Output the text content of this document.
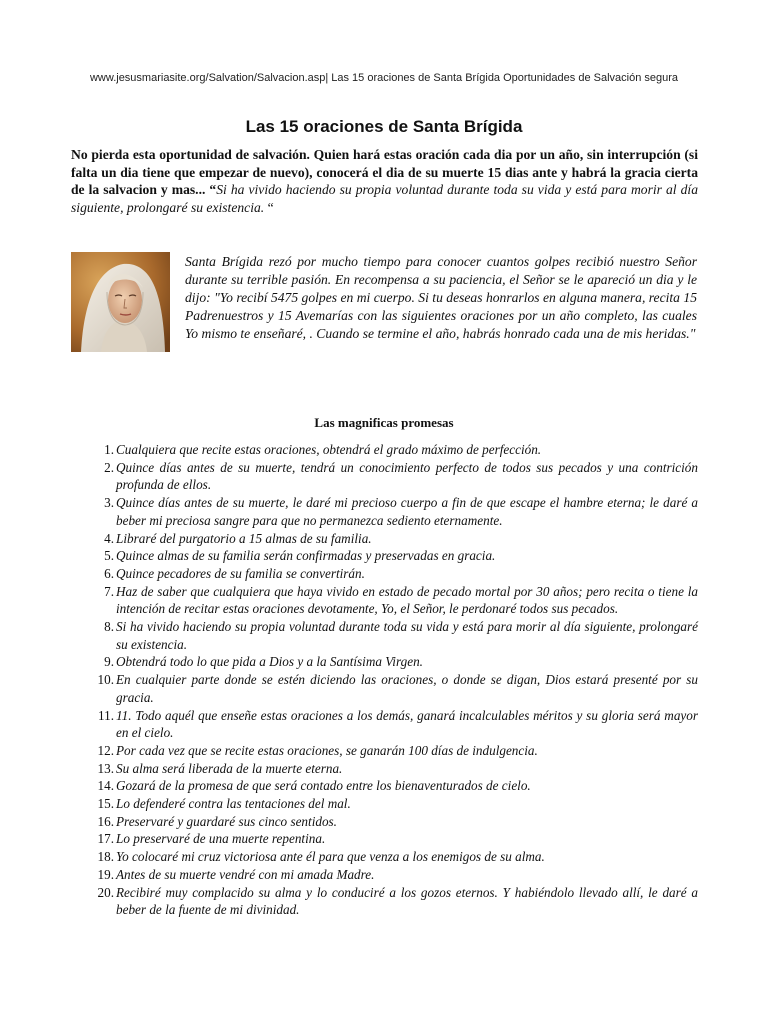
www.jesusmariasite.org/Salvation/Salvacion.asp| Las 15 oraciones de Santa Brígida Oportunidades de Salvación segura
Las 15 oraciones de Santa Brígida

No pierda esta oportunidad de salvación. Quien hará estas oración cada dia por un año, sin interrupción (si falta un dia tiene que empezar de nuevo), conocerá el dia de su muerte 15 dias ante y habrá la gracia cierta de la salvacion y mas... “Si ha vivido haciendo su propia voluntad durante toda su vida y está para morir al día siguiente, prolongaré su existencia. “

Santa Brígida rezó por mucho tiempo para conocer cuantos golpes recibió nuestro Señor durante su terrible pasión. En recompensa a su paciencia, el Señor se le apareció un dia y le dijo: "Yo recibí 5475 golpes en mi cuerpo. Si tu deseas honrarlos en alguna manera, recita 15 Padrenuestros y 15 Avemarías con las siguientes oraciones por un año completo, las cuales Yo mismo te enseñaré, . Cuando se termine el año, habrás honrado cada una de mis heridas."

Las magnificas promesas
1. Cualquiera que recite estas oraciones, obtendrá el grado máximo de perfección.
2. Quince días antes de su muerte, tendrá un conocimiento perfecto de todos sus pecados y una contrición profunda de ellos.
3. Quince días antes de su muerte, le daré mi precioso cuerpo a fin de que escape el hambre eterna; le daré a beber mi preciosa sangre para que no permanezca sediento eternamente.
4. Libraré del purgatorio a 15 almas de su familia.
5. Quince almas de su familia serán confirmadas y preservadas en gracia.
6. Quince pecadores de su familia se convertirán.
7. Haz de saber que cualquiera que haya vivido en estado de pecado mortal por 30 años; pero recita o tiene la intención de recitar estas oraciones devotamente, Yo, el Señor, le perdonaré todos sus pecados.
8. Si ha vivido haciendo su propia voluntad durante toda su vida y está para morir al día siguiente, prolongaré su existencia.
9. Obtendrá todo lo que pida a Dios y a la Santísima Virgen.
10. En cualquier parte donde se estén diciendo las oraciones, o donde se digan, Dios estará presenté por su gracia.
11. 11. Todo aquél que enseñe estas oraciones a los demás, ganará incalculables méritos y su gloria será mayor en el cielo.
12. Por cada vez que se recite estas oraciones, se ganarán 100 días de indulgencia.
13. Su alma será liberada de la muerte eterna.
14. Gozará de la promesa de que será contado entre los bienaventurados de cielo.
15. Lo defenderé contra las tentaciones del mal.
16. Preservaré y guardaré sus cinco sentidos.
17. Lo preservaré de una muerte repentina.
18. Yo colocaré mi cruz victoriosa ante él para que venza a los enemigos de su alma.
19. Antes de su muerte vendré con mi amada Madre.
20. Recibiré muy complacido su alma y lo conduciré a los gozos eternos. Y habiéndolo llevado allí, le daré a beber de la fuente de mi divinidad.
